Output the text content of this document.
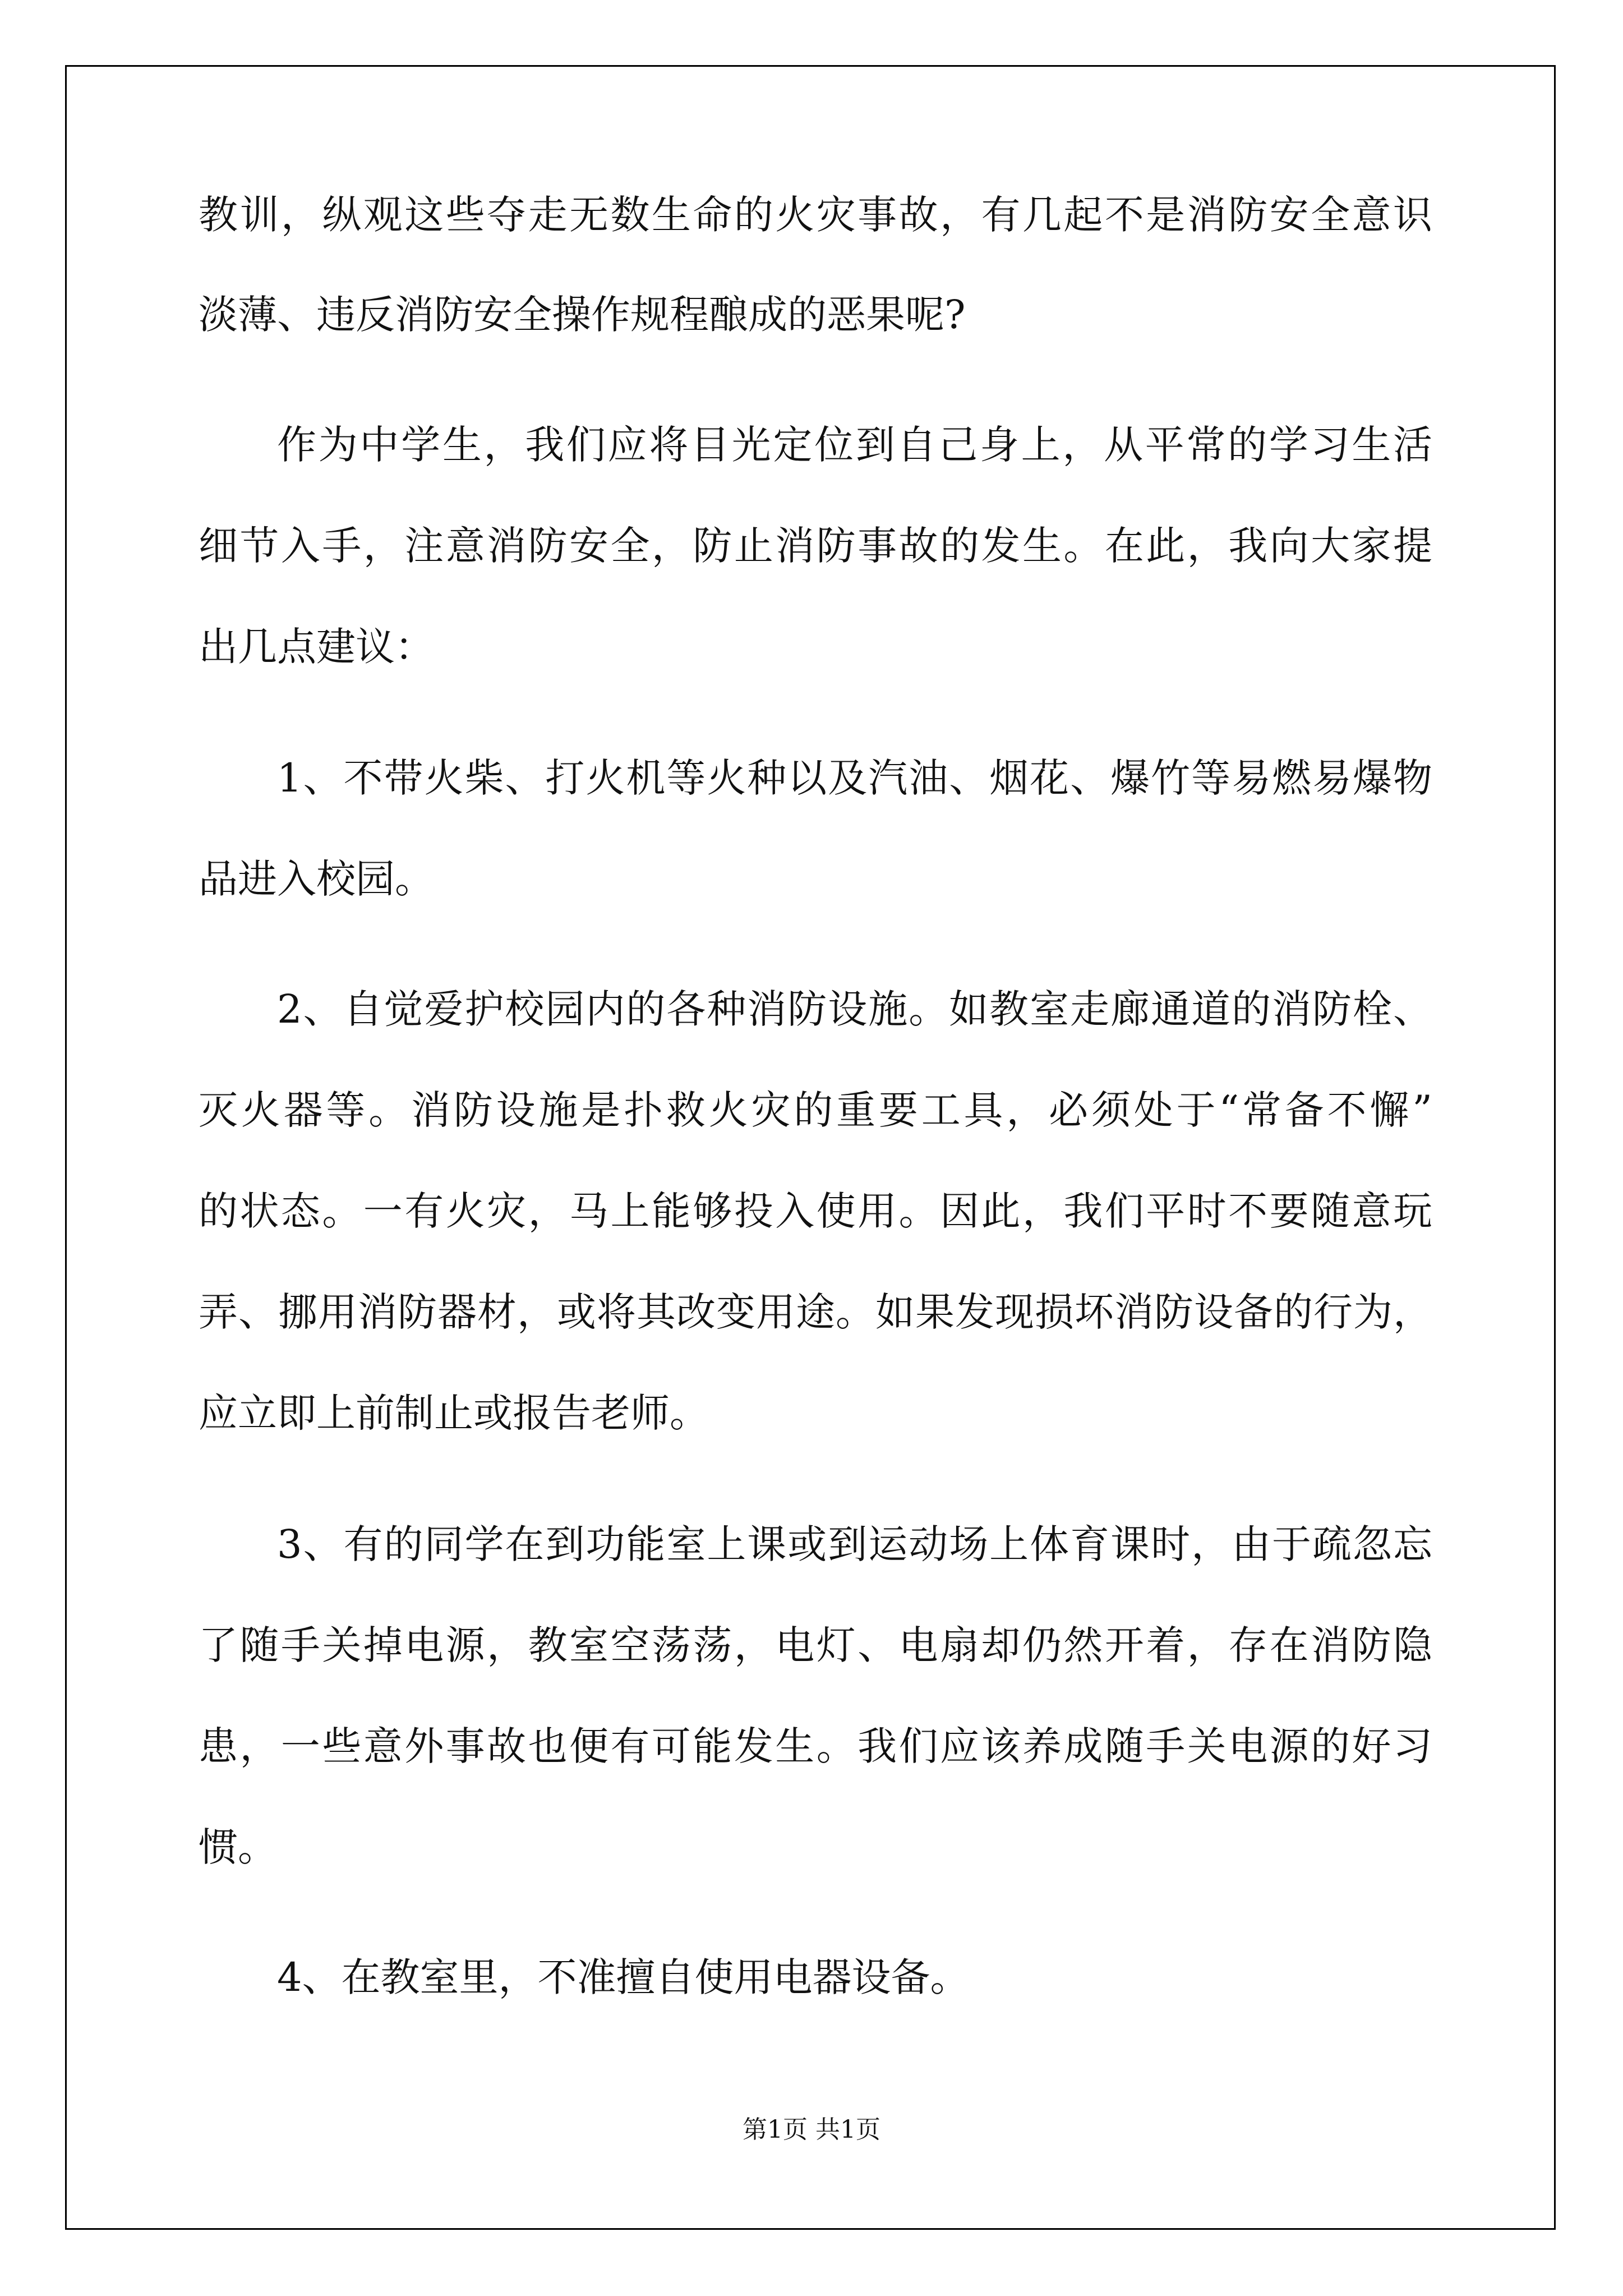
教训，纵观这些夺走无数生命的火灾事故，有几起不是消防安全意识
淡薄、违反消防安全操作规程酿成的恶果呢?
作为中学生，我们应将目光定位到自己身上，从平常的学习生活
细节入手，注意消防安全，防止消防事故的发生。在此，我向大家提
出几点建议：
1、不带火柴、打火机等火种以及汽油、烟花、爆竹等易燃易爆物
品进入校园。
2、自觉爱护校园内的各种消防设施。如教室走廊通道的消防栓、
灭火器等。消防设施是扑救火灾的重要工具，必须处于“常备不懈”
的状态。一有火灾，马上能够投入使用。因此，我们平时不要随意玩
弄、挪用消防器材，或将其改变用途。如果发现损坏消防设备的行为，
应立即上前制止或报告老师。
3、有的同学在到功能室上课或到运动场上体育课时，由于疏忽忘
了随手关掉电源，教室空荡荡，电灯、电扇却仍然开着，存在消防隐
患，一些意外事故也便有可能发生。我们应该养成随手关电源的好习
惯。
4、在教室里，不准擅自使用电器设备。
第1页 共1页
